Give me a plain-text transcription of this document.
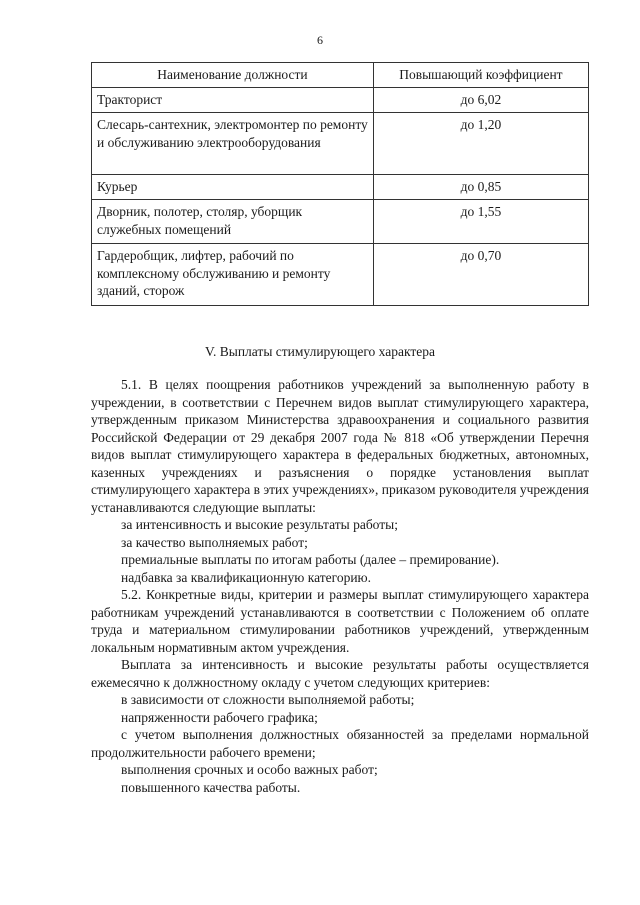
6
Наименование должности	Повышающий коэффициент
Тракторист	до 6,02
Слесарь-сантехник, электромонтер по ремонту и обслуживанию электрооборудования	до 1,20
Курьер	до 0,85
Дворник, полотер, столяр, уборщик служебных помещений	до 1,55
Гардеробщик, лифтер, рабочий по комплексному обслуживанию и ремонту зданий, сторож	до 0,70
V. Выплаты стимулирующего характера

5.1. В целях поощрения работников учреждений за выполненную работу в учреждении, в соответствии с Перечнем видов выплат стимулирующего характера, утвержденным приказом Министерства здравоохранения и социального развития Российской Федерации от 29 декабря 2007 года № 818 «Об утверждении Перечня видов выплат стимулирующего характера в федеральных бюджетных, автономных, казенных учреждениях и разъяснения о порядке установления выплат стимулирующего характера в этих учреждениях», приказом руководителя учреждения устанавливаются следующие выплаты:

за интенсивность и высокие результаты работы;

за качество выполняемых работ;

премиальные выплаты по итогам работы (далее – премирование).

надбавка за квалификационную категорию.

5.2. Конкретные виды, критерии и размеры выплат стимулирующего характера работникам учреждений устанавливаются в соответствии с Положением об оплате труда и материальном стимулировании работников учреждений, утвержденным локальным нормативным актом учреждения.

Выплата за интенсивность и высокие результаты работы осуществляется ежемесячно к должностному окладу с учетом следующих критериев:

в зависимости от сложности выполняемой работы;

напряженности рабочего графика;

с учетом выполнения должностных обязанностей за пределами нормальной продолжительности рабочего времени;

выполнения срочных и особо важных работ;

повышенного качества работы.
